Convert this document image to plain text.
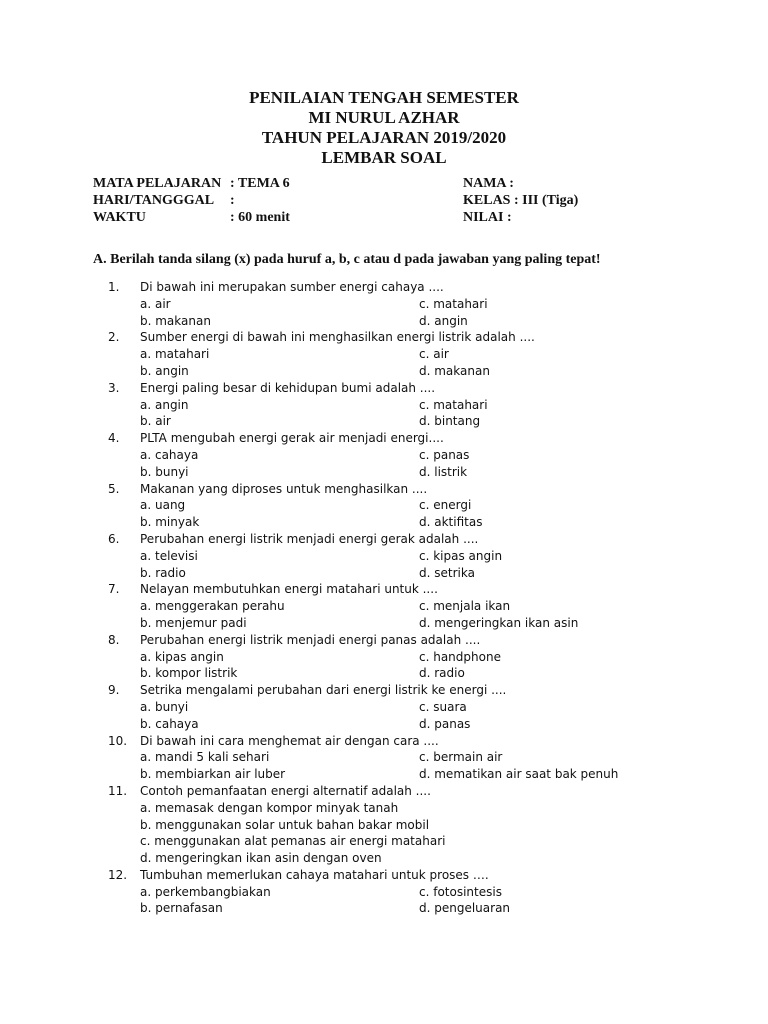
PENILAIAN TENGAH SEMESTER
MI NURUL AZHAR
TAHUN PELAJARAN 2019/2020
LEMBAR SOAL
MATA PELAJARAN : TEMA 6	NAMA :
HARI/TANGGGAL :	KELAS : III (Tiga)
WAKTU	: 60 menit	NILAI :
A. Berilah tanda silang (x) pada huruf a, b, c atau d pada jawaban yang paling tepat!
1.	Di bawah ini merupakan sumber energi cahaya ....
a. air	c. matahari
b. makanan	d. angin
2.	Sumber energi di bawah ini menghasilkan energi listrik adalah ....
a. matahari	c. air
b. angin	d. makanan
3.	Energi paling besar di kehidupan bumi adalah ....
a. angin	c. matahari
b. air	d. bintang
4.	PLTA mengubah energi gerak air menjadi energi....
a. cahaya	c. panas
b. bunyi	d. listrik
5.	Makanan yang diproses untuk menghasilkan ....
a. uang	c. energi
b. minyak	d. aktifitas
6.	Perubahan energi listrik menjadi energi gerak adalah ....
a. televisi	c. kipas angin
b. radio	d. setrika
7.	Nelayan membutuhkan energi matahari untuk ....
a. menggerakan perahu	c. menjala ikan
b. menjemur padi	d. mengeringkan ikan asin
8.	Perubahan energi listrik menjadi energi panas adalah ....
a. kipas angin	c. handphone
b. kompor listrik	d. radio
9.	Setrika mengalami perubahan dari energi listrik ke energi ....
a. bunyi	c. suara
b. cahaya	d. panas
10.	Di bawah ini cara menghemat air dengan cara ....
a. mandi 5 kali sehari	c. bermain air
b. membiarkan air luber	d. mematikan air saat bak penuh
11.	Contoh pemanfaatan energi alternatif adalah ....
a. memasak dengan kompor minyak tanah
b. menggunakan solar untuk bahan bakar mobil
c. menggunakan alat pemanas air energi matahari
d. mengeringkan ikan asin dengan oven
12.	Tumbuhan memerlukan cahaya matahari untuk proses ….
a. perkembangbiakan	c. fotosintesis
b. pernafasan	d. pengeluaran
